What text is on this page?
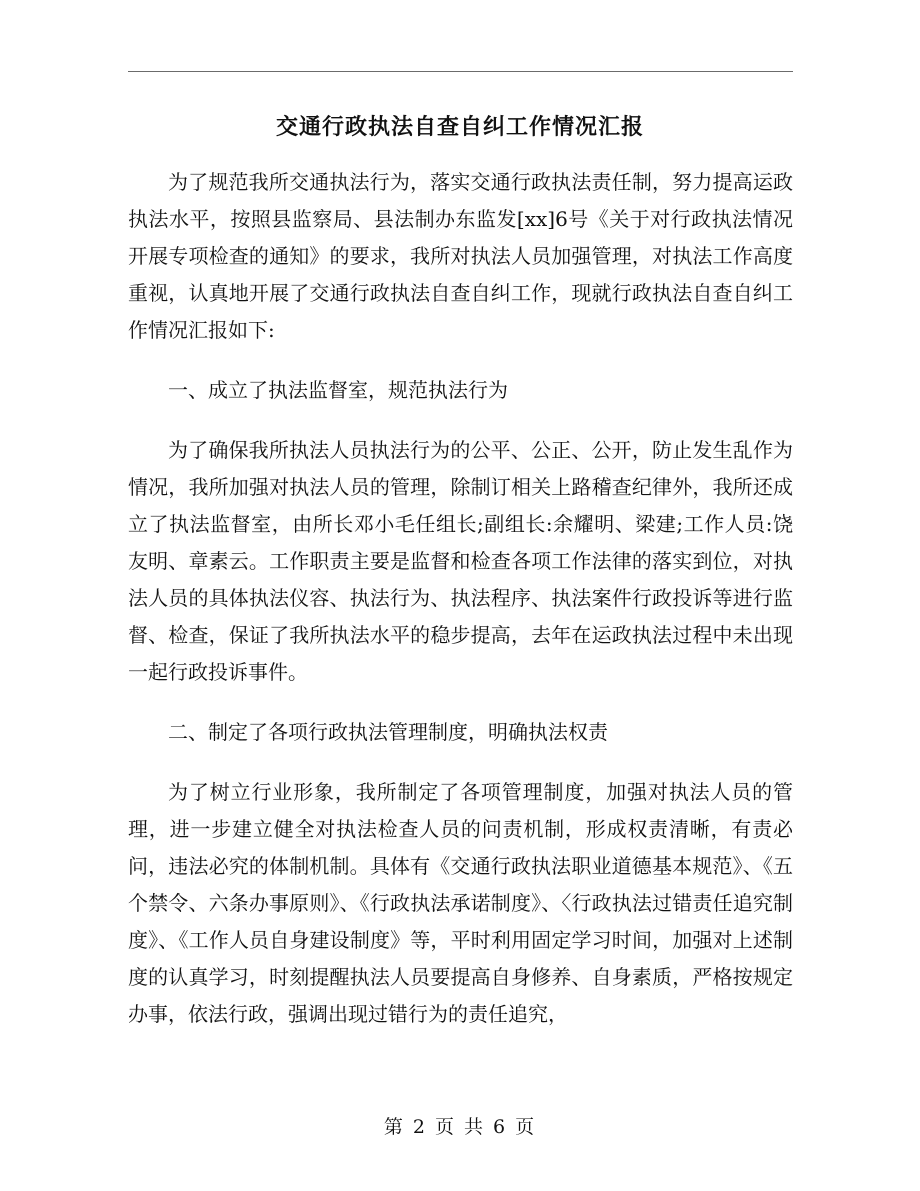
交通行政执法自查自纠工作情况汇报

为了规范我所交通执法行为，落实交通行政执法责任制，努力提高运政执法水平，按照县监察局、县法制办东监发[xx]6号《关于对行政执法情况开展专项检查的通知》的要求，我所对执法人员加强管理，对执法工作高度重视，认真地开展了交通行政执法自查自纠工作，现就行政执法自查自纠工作情况汇报如下:

一、成立了执法监督室，规范执法行为

为了确保我所执法人员执法行为的公平、公正、公开，防止发生乱作为情况，我所加强对执法人员的管理，除制订相关上路稽查纪律外，我所还成立了执法监督室，由所长邓小毛任组长;副组长:余耀明、梁建;工作人员:饶友明、章素云。工作职责主要是监督和检查各项工作法律的落实到位，对执法人员的具体执法仪容、执法行为、执法程序、执法案件行政投诉等进行监督、检查，保证了我所执法水平的稳步提高，去年在运政执法过程中未出现一起行政投诉事件。

二、制定了各项行政执法管理制度，明确执法权责

为了树立行业形象，我所制定了各项管理制度，加强对执法人员的管理，进一步建立健全对执法检查人员的问责机制，形成权责清晰，有责必问，违法必究的体制机制。具体有《交通行政执法职业道德基本规范》、《五个禁令、六条办事原则》、《行政执法承诺制度》、〈行政执法过错责任追究制度》、《工作人员自身建设制度》等，平时利用固定学习时间，加强对上述制度的认真学习，时刻提醒执法人员要提高自身修养、自身素质，严格按规定办事，依法行政，强调出现过错行为的责任追究，

第 2 页 共 6 页
